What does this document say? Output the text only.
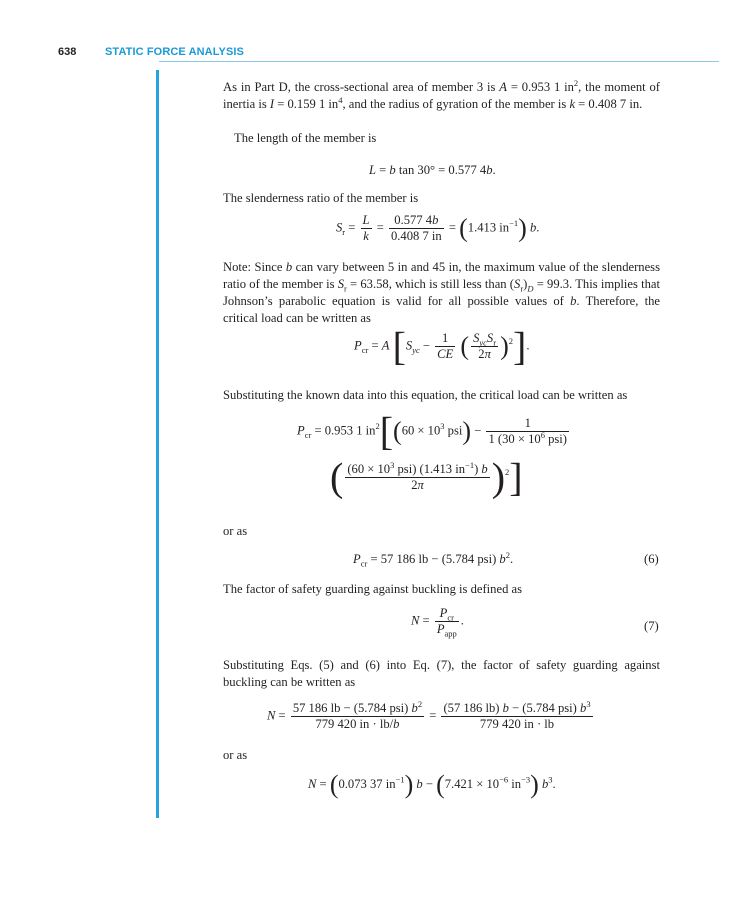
638	STATIC FORCE ANALYSIS

As in Part D, the cross-sectional area of member 3 is A = 0.953 1 $in^2$, the moment of inertia is I = 0.159 1 $in^4$, and the radius of gyration of the member is k = 0.408 7 in.

The length of the member is

L = b tan 30° = 0.577 4b.

The slenderness ratio of the member is

$S_r = \frac{L}{k} = \frac{0.577 4b}{0.408 7 in} = (1.413$ $in^{-1}$) b.

Note: Since b can vary between 5 in and 45 in, the maximum value of the slenderness ratio of the member is $S_r = 63.58$, which is still less than $(S_r)_D = 99.3$. This implies that Johnson’s parabolic equation is valid for all possible values of b. Therefore, the critical load can be written as

$P_{cr} = A$ [$S_{yc} - \frac{1}{CE}$ ( $\frac{S_{yc}S_r}{2\pi} )^2$].

Substituting the known data into this equation, the critical load can be written as

$P_{cr} = 0.953$ 1 $in^2[(60 \times 10^3$ $psi) - \frac{1}{1 (30 \times 10^6 psi)}$
( $\frac{(60 \times 10^3 psi) (1.413 in^{-1}) b}{2\pi} )^2$]

or as

$P_{cr} = 57$ 186 lb − (5.784 psi) $b^2$.	(6)

The factor of safety guarding against buckling is defined as

$N = \frac{P_{cr}}{P_{app}}$ .	(7)

Substituting Eqs. (5) and (6) into Eq. (7), the factor of safety guarding against buckling can be written as

$N = \frac{57 186 lb - (5.784 psi) b^2}{779 420 in \cdot lb/b} = \frac{(57 186 lb) b - (5.784 psi) b^3}{779 420 in \cdot lb}$

or as

N = (0.073 37 $in^{-1}$) $b - (7.421 \times 10^{-6}$ $in^{-3}$) $b^3$.
